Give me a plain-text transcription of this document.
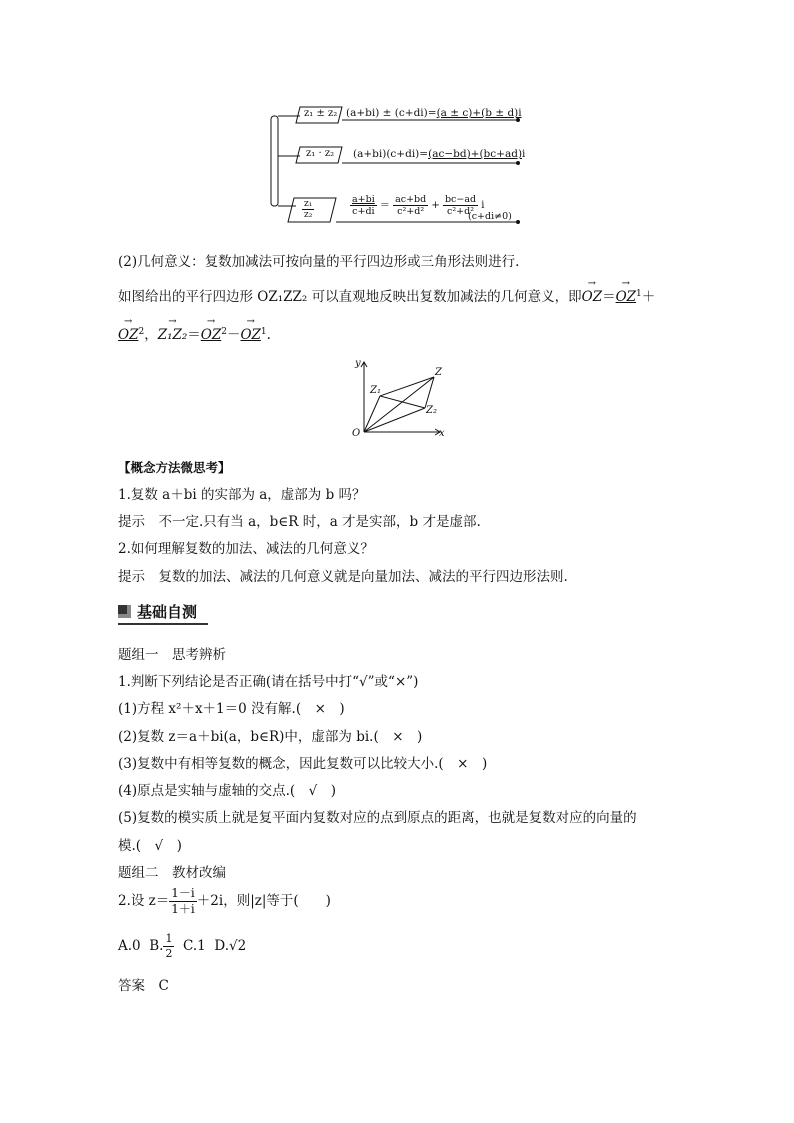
z₁ ± z₂ (a+bi) ± (c+di)=(a ± c)+(b ± d)i
z₁ · z₂ (a+bi)(c+di)=(ac−bd)+(bc+ad)i
$\frac{\text{z₁}}{\text{z₂}}$	$\frac{a+bi}{c+di} = \frac{ac+bd}{\text{c²+d²}} + \frac{bc-ad}{\text{c²+d²}}$ i
(c+di≠0)
(2)几何意义：复数加减法可按向量的平行四边形或三角形法则进行.
如图给出的平行四边形 OZ₁ZZ₂ 可以直观地反映出复数加减法的几何意义，即→ $OZ=\to OZ^1+$
→ $OZ^2$，→ $Z_1Z_2=\to OZ^2-\to OZ^1$.
y
x
O
Z
Z₁
Z₂
【概念方法微思考】
1.复数 a＋bi 的实部为 a，虚部为 b 吗？
提示　不一定.只有当 a，b∈R 时，a 才是实部，b 才是虚部.
2.如何理解复数的加法、减法的几何意义？
提示　复数的加法、减法的几何意义就是向量加法、减法的平行四边形法则.
基础自测
题组一　思考辨析
1.判断下列结论是否正确(请在括号中打“√”或“×”)
(1)方程 x²＋x＋1＝0 没有解.(　×　)
(2)复数 z＝a＋bi(a，b∈R)中，虚部为 bi.(　×　)
(3)复数中有相等复数的概念，因此复数可以比较大小.(　×　)
(4)原点是实轴与虚轴的交点.(　√　)
(5)复数的模实质上就是复平面内复数对应的点到原点的距离，也就是复数对应的向量的
模.(　√　)
题组二　教材改编
2.设 $z= \frac{1-i}{1+i} +2i$，则|z|等于(　　)
A.0 B. $\frac{1}{2} C.1$ D.√2
答案　C
